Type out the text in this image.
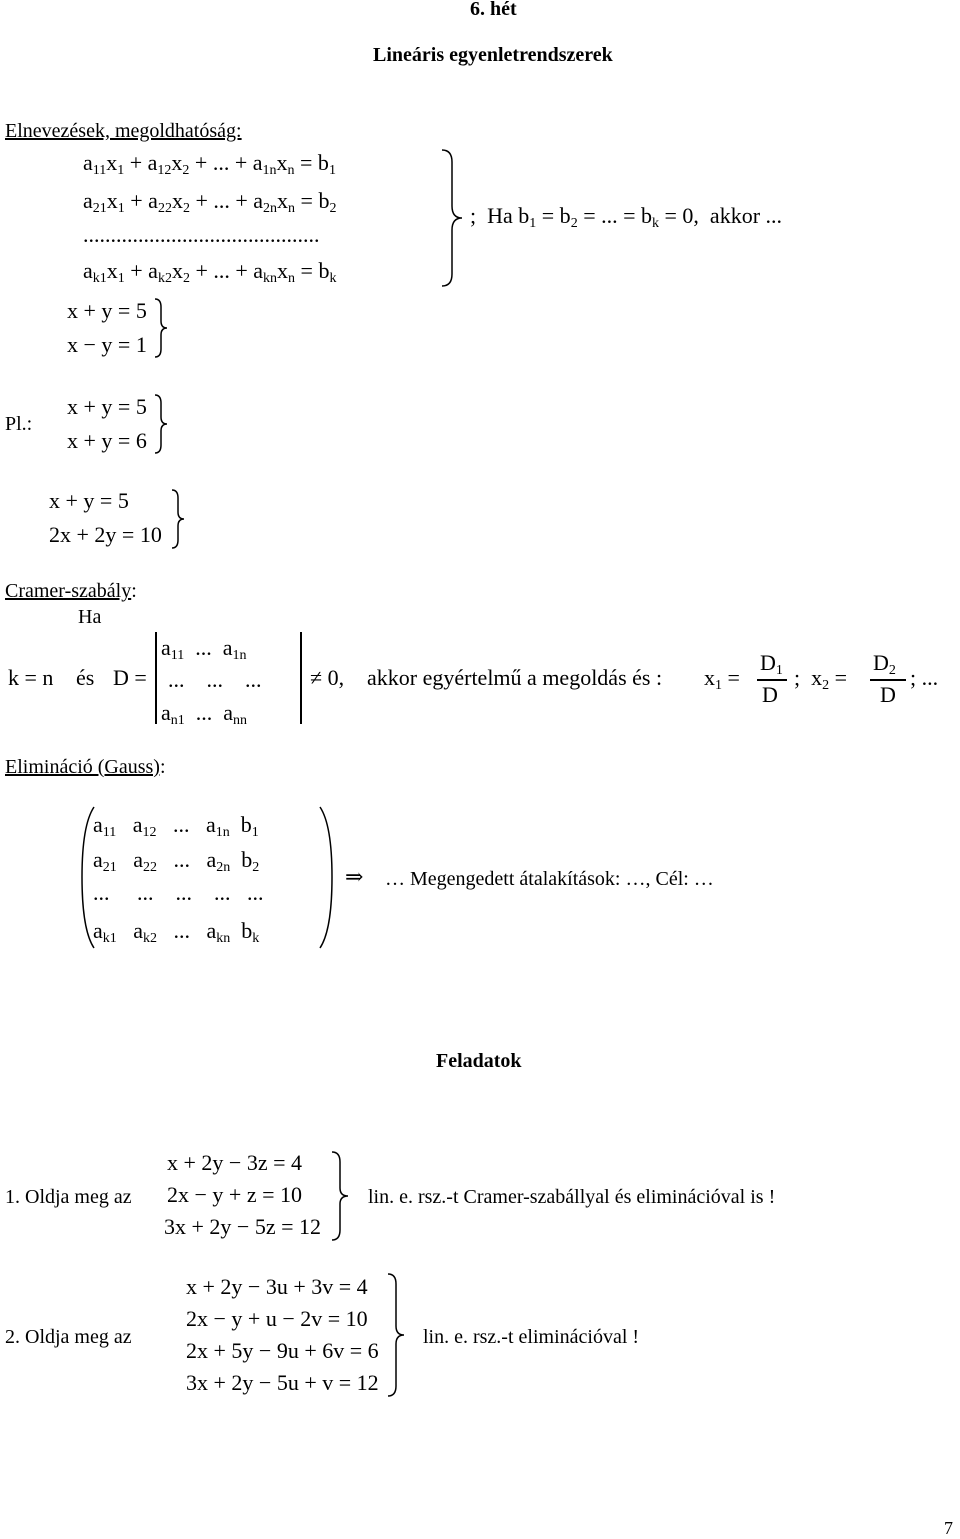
6. hét
Lineáris egyenletrendszerek
Elnevezések, megoldhatóság:
$a_{11}x_1 + a_{12}x_2$ + ... + $a_{1n}x_n = b_1$
$a_{21}x_1 + a_{22}x_2$ + ... + $a_{2n}x_n = b_2$
...........................................
$a_{k1}x_1 + a_{k2}x_2$ + ... + $a_{kn}x_n = b_k$
;  Ha $b_1 = b_2$ = ... = $b_k = 0$,  akkor ...
x + y = 5
x − y = 1
Pl.:
x + y = 5
x + y = 6
x + y = 5
2x + 2y = 10
Cramer-szabály:
Ha
k = n és D =
$a_{11}$  ...  $a_{1n}$
...    ...    ...
$a_{n1}$  ...  $a_{nn}$
≠ 0, akkor egyértelmű a megoldás és : $x_1$ =
$D_1$
D
;  $x_2$ =
$D_2$
D
; ...
Elimináció (Gauss):
$a_{11}$   $a_{12}$   ...   $a_{1n}$  $b_1$
$a_{21}$   $a_{22}$   ...   $a_{2n}$  $b_2$
...     ...    ...    ...   ...
$a_{k1}$   $a_{k2}$   ...   $a_{kn}$  $b_k$
⇒ … Megengedett átalakítások: …, Cél: …
Feladatok
1. Oldja meg az
x + 2y − 3z = 4
2x − y + z = 10
3x + 2y − 5z = 12
lin. e. rsz.-t Cramer-szabállyal és eliminációval is !
2. Oldja meg az
x + 2y − 3u + 3v = 4
2x − y + u − 2v = 10
2x + 5y − 9u + 6v = 6
3x + 2y − 5u + v = 12
lin. e. rsz.-t eliminációval !
7
